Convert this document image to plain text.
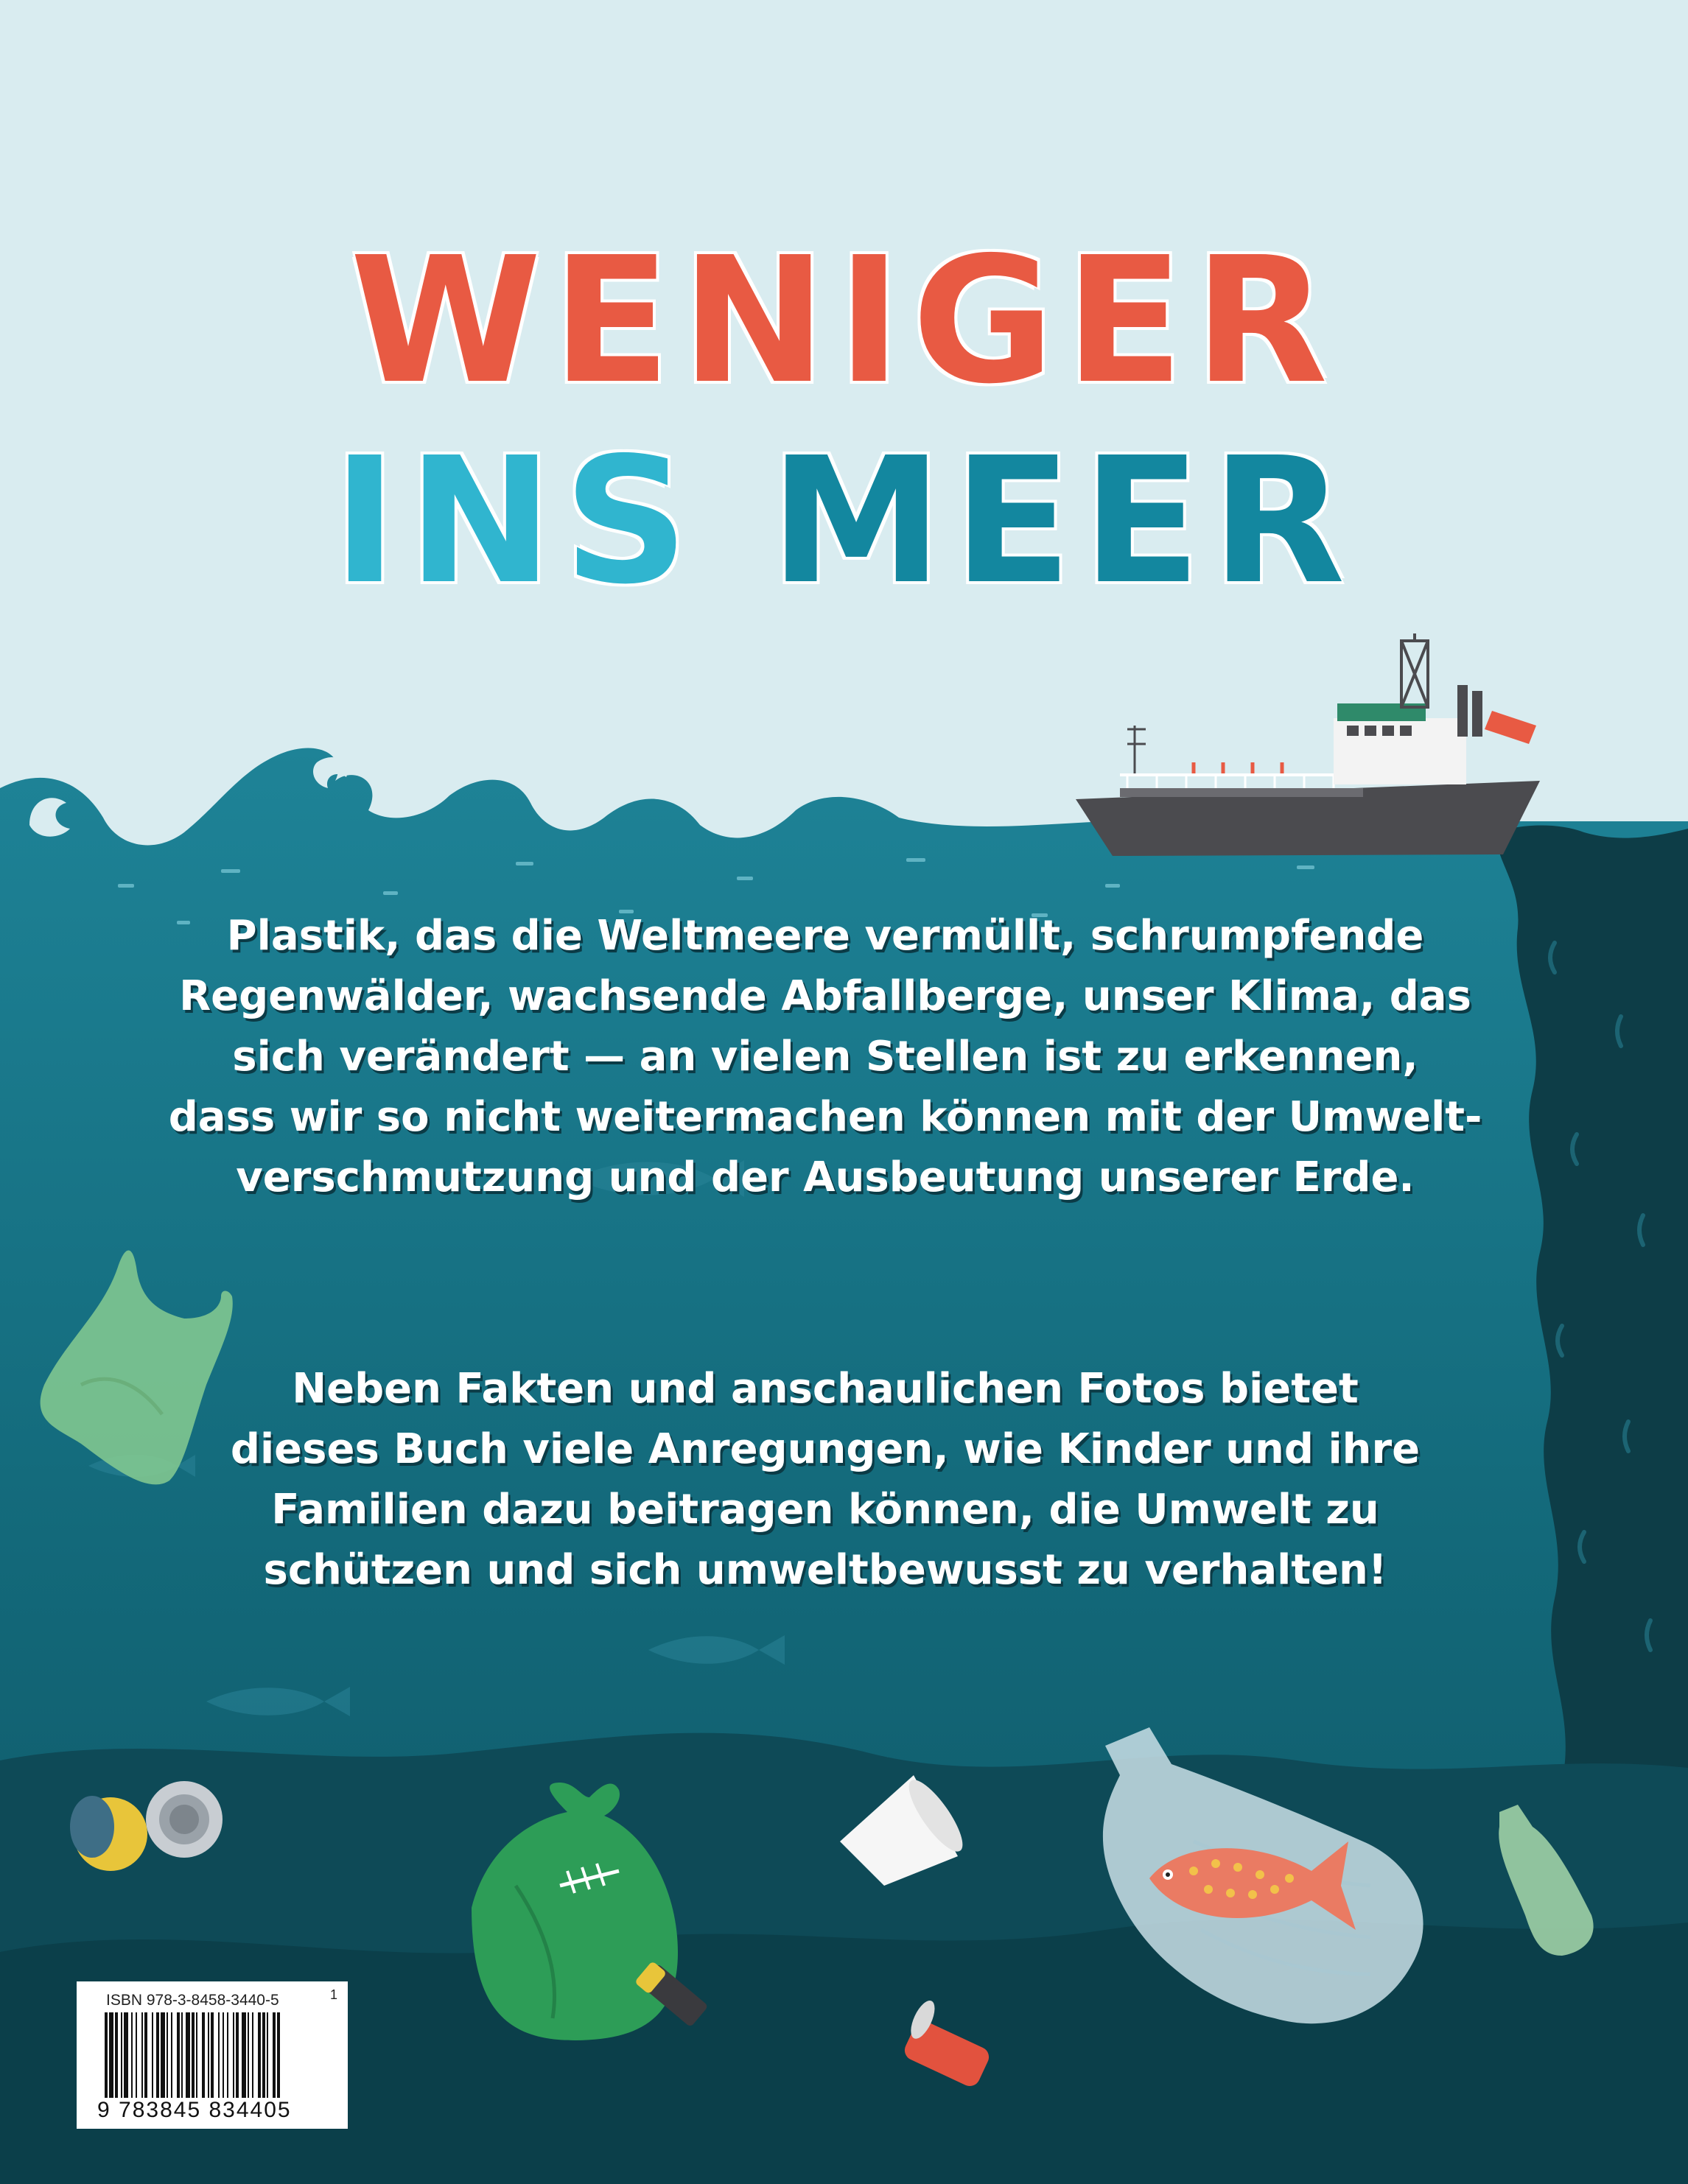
WENIGER
INS MEER
Plastik, das die Weltmeere vermüllt, schrumpfende
Regenwälder, wachsende Abfallberge, unser Klima, das
sich verändert — an vielen Stellen ist zu erkennen,
dass wir so nicht weitermachen können mit der Umwelt-
verschmutzung und der Ausbeutung unserer Erde.
Neben Fakten und anschaulichen Fotos bietet
dieses Buch viele Anregungen, wie Kinder und ihre
Familien dazu beitragen können, die Umwelt zu
schützen und sich umweltbewusst zu verhalten!
ISBN 978-3-8458-3440-5	1
9 783845 834405
